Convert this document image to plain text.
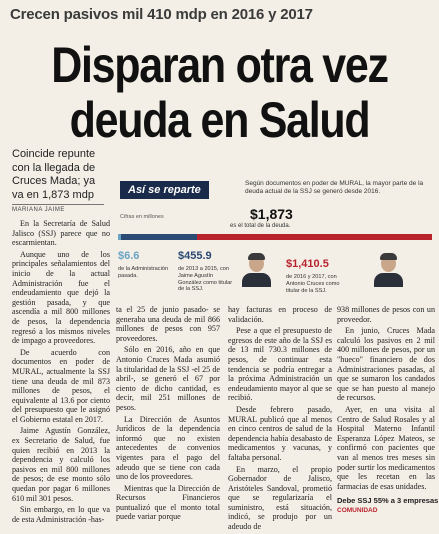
Crecen pasivos mil 410 mdp en 2016 y 2017
Disparan otra vez
deuda en Salud
Coincide repunte con la llegada de Cruces Mada; ya va en 1,873 mdp
MARIANA JAIME

En la Secretaría de Salud Jalisco (SSJ) parece que no escarmientan.

Aunque uno de los principales señalamientos del inicio de la actual Administración fue el endeudamiento que dejó la gestión pasada, y que ascendía a mil 800 millones de pesos, la dependencia regresó a los mismos niveles de impago a proveedores.

De acuerdo con documentos en poder de MURAL, actualmente la SSJ tiene una deuda de mil 873 millones de pesos, el equivalente al 13.6 por ciento del presupuesto que le asignó el Gobierno estatal en 2017.

Jaime Agustín González, ex Secretario de Salud, fue quien recibió en 2013 la dependencia y calculó los pasivos en mil 800 millones de pesos; de ese monto sólo quedan por pagar 6 millones 610 mil 301 pesos.

Sin embargo, en lo que va de esta Administración -has-

Así se reparte
Según documentos en poder de MURAL, la mayor parte de la deuda actual de la SSJ se generó desde 2016.
Cifras en millones	$1,873
es el total de la deuda.
$6.6
de la Administración pasada.
$455.9
de 2013 a 2015, con Jaime Agustín González como titular de la SSJ.
$1,410.5
de 2016 y 2017, con Antonio Cruces como titular de la SSJ.

ta el 25 de junio pasado- se generaba una deuda de mil 866 millones de pesos con 957 proveedores.

Sólo en 2016, año en que Antonio Cruces Mada asumió la titularidad de la SSJ -el 25 de abril-, se generó el 67 por ciento de dicho cantidad, es decir, mil 251 millones de pesos.

La Dirección de Asuntos Jurídicos de la dependencia informó que no existen antecedentes de convenios vigentes para el pago del adeudo que se tiene con cada uno de los proveedores.

Mientras que la Dirección de Recursos Financieros puntualizó que el monto total puede variar porque

hay facturas en proceso de validación.

Pese a que el presupuesto de egresos de este año de la SSJ es de 13 mil 730.3 millones de pesos, de continuar esta tendencia se podría entregar a la próxima Administración un endeudamiento mayor al que se recibió.

Desde febrero pasado, MURAL publicó que al menos en cinco centros de salud de la dependencia había desabasto de medicamentos y vacunas, y faltaba personal.

En marzo, el propio Gobernador de Jalisco, Aristóteles Sandoval, prometió que se regularizaría el suministro, está situación, indicó, se produjo por un adeudo de

938 millones de pesos con un proveedor.

En junio, Cruces Mada calculó los pasivos en 2 mil 400 millones de pesos, por un "hueco" financiero de dos Administraciones pasadas, al que se sumaron los candados que se han puesto al manejo de recursos.

Ayer, en una visita al Centro de Salud Rosales y al Hospital Materno Infantil Esperanza López Mateos, se confirmó con pacientes que van al menos tres meses sin poder surtir los medicamentos que les recetan en las farmacias de esas unidades.

Debe SSJ 55% a 3 empresas
COMUNIDAD
